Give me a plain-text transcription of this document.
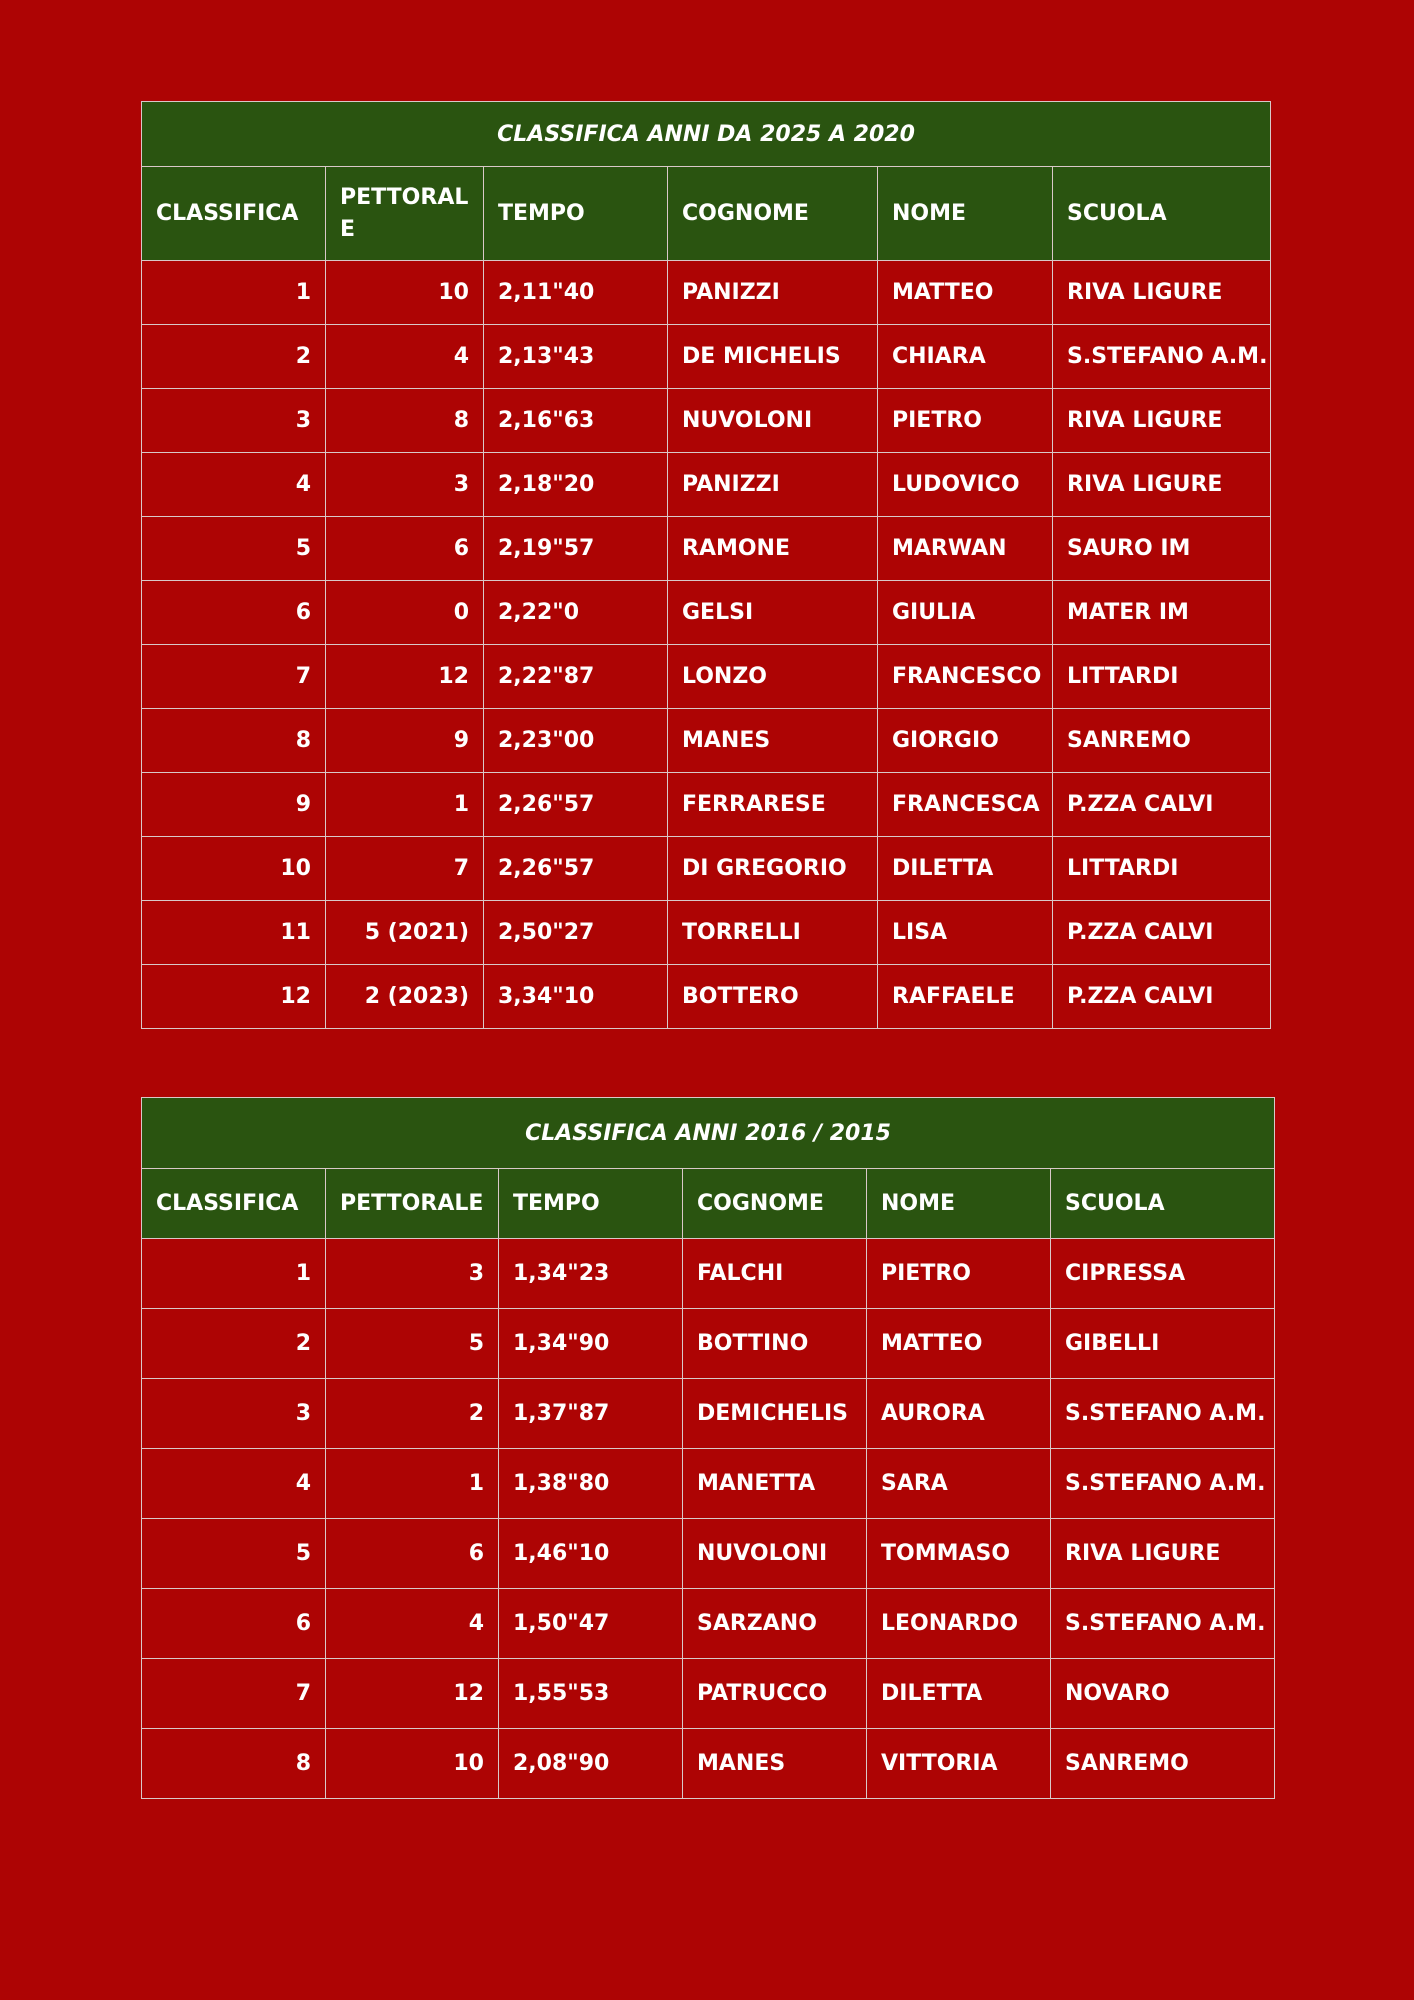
CLASSIFICA ANNI DA 2025 A 2020					
CLASSIFICA	PETTORALE	TEMPO	COGNOME	NOME	SCUOLA
1	10	2,11"40	PANIZZI	MATTEO	RIVA LIGURE
2	4	2,13"43	DE MICHELIS	CHIARA	S.STEFANO A.M.
3	8	2,16"63	NUVOLONI	PIETRO	RIVA LIGURE
4	3	2,18"20	PANIZZI	LUDOVICO	RIVA LIGURE
5	6	2,19"57	RAMONE	MARWAN	SAURO IM
6	0	2,22"0	GELSI	GIULIA	MATER IM
7	12	2,22"87	LONZO	FRANCESCO	LITTARDI
8	9	2,23"00	MANES	GIORGIO	SANREMO
9	1	2,26"57	FERRARESE	FRANCESCA	P.ZZA CALVI
10	7	2,26"57	DI GREGORIO	DILETTA	LITTARDI
11	5 (2021)	2,50"27	TORRELLI	LISA	P.ZZA CALVI
12	2 (2023)	3,34"10	BOTTERO	RAFFAELE	P.ZZA CALVI
CLASSIFICA ANNI 2016 / 2015					
CLASSIFICA	PETTORALE	TEMPO	COGNOME	NOME	SCUOLA
1	3	1,34"23	FALCHI	PIETRO	CIPRESSA
2	5	1,34"90	BOTTINO	MATTEO	GIBELLI
3	2	1,37"87	DEMICHELIS	AURORA	S.STEFANO A.M.
4	1	1,38"80	MANETTA	SARA	S.STEFANO A.M.
5	6	1,46"10	NUVOLONI	TOMMASO	RIVA LIGURE
6	4	1,50"47	SARZANO	LEONARDO	S.STEFANO A.M.
7	12	1,55"53	PATRUCCO	DILETTA	NOVARO
8	10	2,08"90	MANES	VITTORIA	SANREMO
